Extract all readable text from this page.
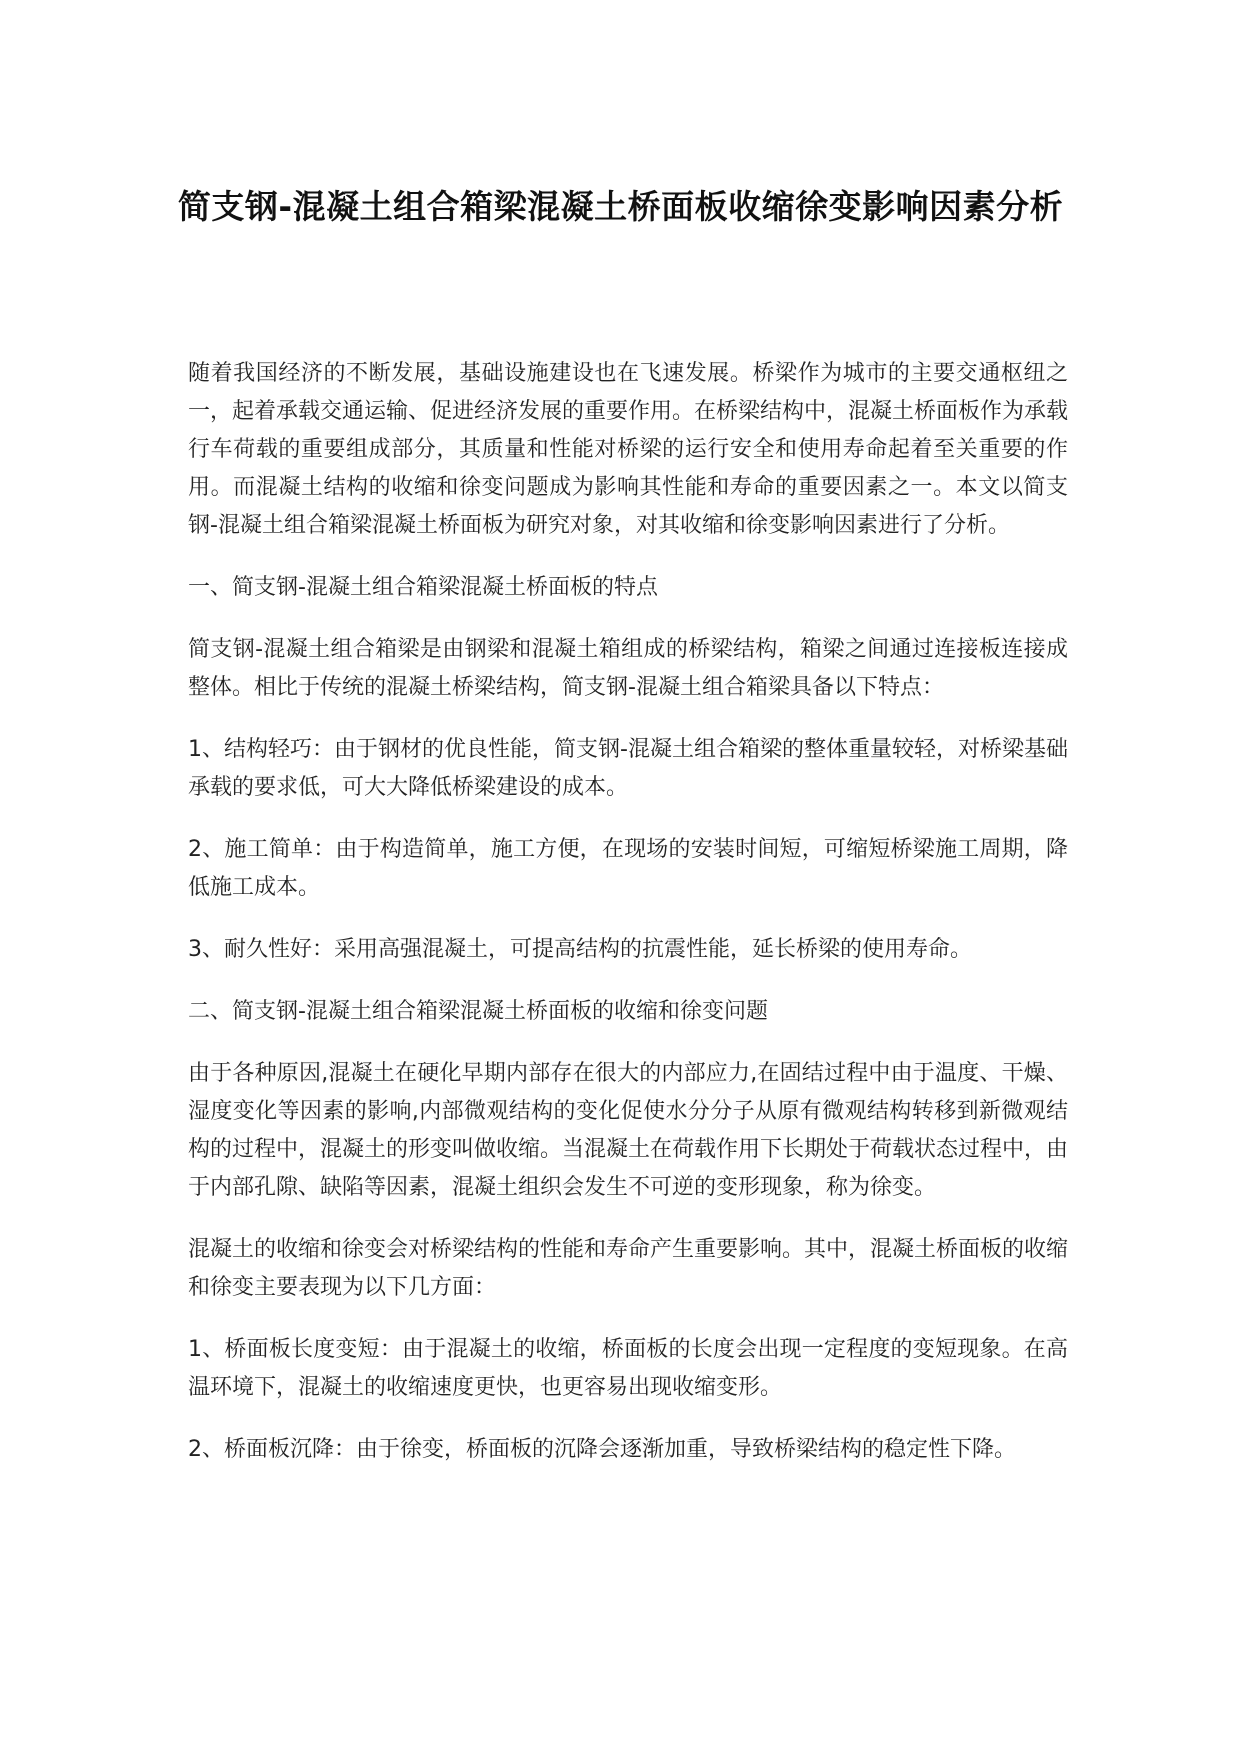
简支钢-混凝土组合箱梁混凝土桥面板收缩徐变影响因素分析

随着我国经济的不断发展，基础设施建设也在飞速发展。桥梁作为城市的主要交通枢纽之一，起着承载交通运输、促进经济发展的重要作用。在桥梁结构中，混凝土桥面板作为承载行车荷载的重要组成部分，其质量和性能对桥梁的运行安全和使用寿命起着至关重要的作用。而混凝土结构的收缩和徐变问题成为影响其性能和寿命的重要因素之一。本文以简支钢-混凝土组合箱梁混凝土桥面板为研究对象，对其收缩和徐变影响因素进行了分析。

一、简支钢-混凝土组合箱梁混凝土桥面板的特点

简支钢-混凝土组合箱梁是由钢梁和混凝土箱组成的桥梁结构，箱梁之间通过连接板连接成整体。相比于传统的混凝土桥梁结构，简支钢-混凝土组合箱梁具备以下特点：

1、结构轻巧：由于钢材的优良性能，简支钢-混凝土组合箱梁的整体重量较轻，对桥梁基础承载的要求低，可大大降低桥梁建设的成本。

2、施工简单：由于构造简单，施工方便，在现场的安装时间短，可缩短桥梁施工周期，降低施工成本。

3、耐久性好：采用高强混凝土，可提高结构的抗震性能，延长桥梁的使用寿命。

二、简支钢-混凝土组合箱梁混凝土桥面板的收缩和徐变问题

由于各种原因,混凝土在硬化早期内部存在很大的内部应力,在固结过程中由于温度、干燥、湿度变化等因素的影响,内部微观结构的变化促使水分分子从原有微观结构转移到新微观结构的过程中，混凝土的形变叫做收缩。当混凝土在荷载作用下长期处于荷载状态过程中，由于内部孔隙、缺陷等因素，混凝土组织会发生不可逆的变形现象，称为徐变。

混凝土的收缩和徐变会对桥梁结构的性能和寿命产生重要影响。其中，混凝土桥面板的收缩和徐变主要表现为以下几方面：

1、桥面板长度变短：由于混凝土的收缩，桥面板的长度会出现一定程度的变短现象。在高温环境下，混凝土的收缩速度更快，也更容易出现收缩变形。

2、桥面板沉降：由于徐变，桥面板的沉降会逐渐加重，导致桥梁结构的稳定性下降。
